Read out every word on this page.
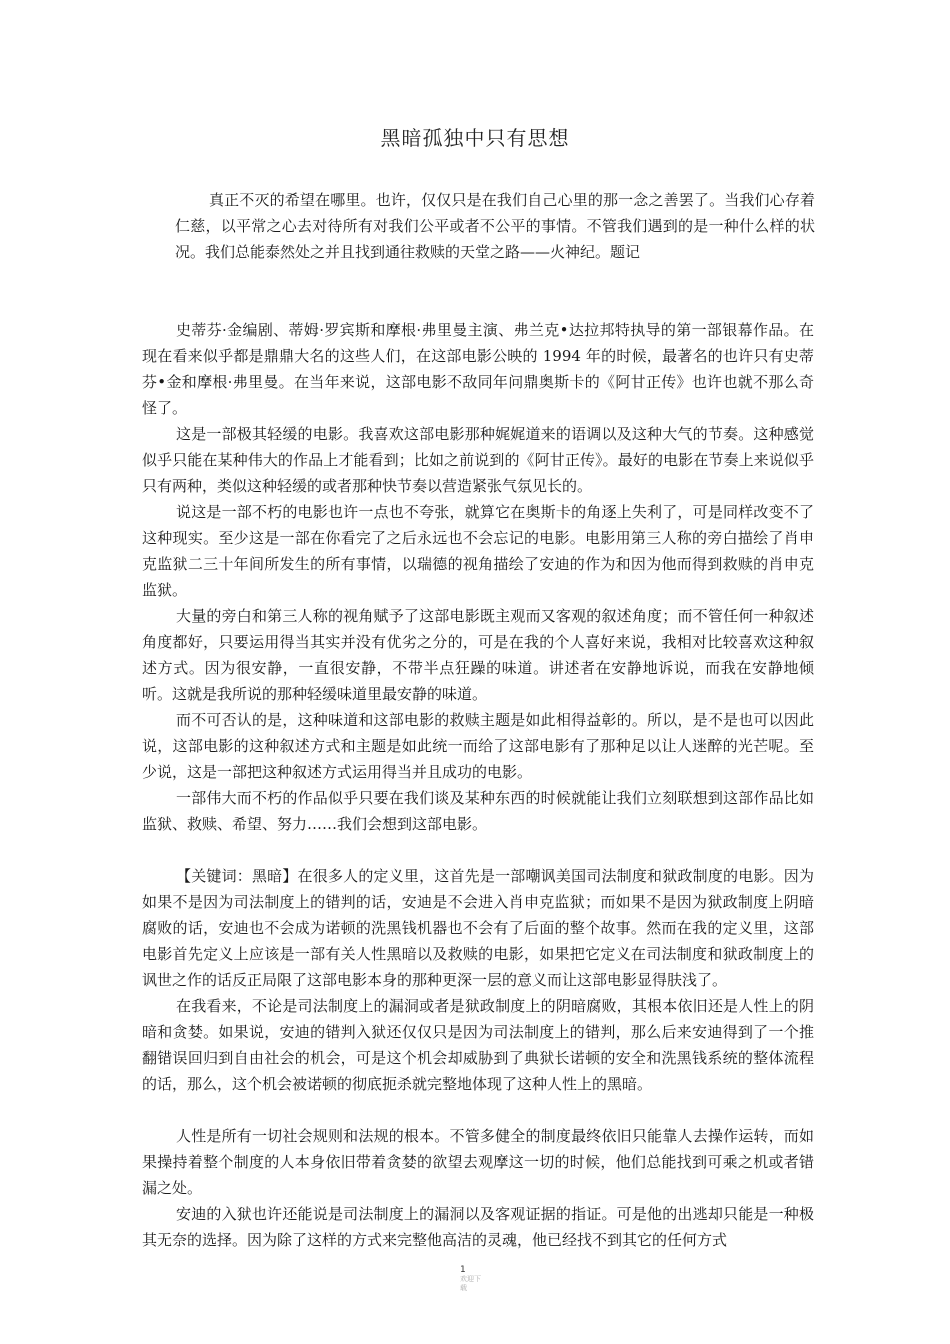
黑暗孤独中只有思想

真正不灭的希望在哪里。也许，仅仅只是在我们自己心里的那一念之善罢了。当我们心存着仁慈，以平常之心去对待所有对我们公平或者不公平的事情。不管我们遇到的是一种什么样的状况。我们总能泰然处之并且找到通往救赎的天堂之路——火神纪。题记

史蒂芬·金编剧、蒂姆·罗宾斯和摩根·弗里曼主演、弗兰克•达拉邦特执导的第一部银幕作品。在现在看来似乎都是鼎鼎大名的这些人们，在这部电影公映的 1994 年的时候，最著名的也许只有史蒂芬•金和摩根·弗里曼。在当年来说，这部电影不敌同年问鼎奥斯卡的《阿甘正传》也许也就不那么奇怪了。

这是一部极其轻缓的电影。我喜欢这部电影那种娓娓道来的语调以及这种大气的节奏。这种感觉似乎只能在某种伟大的作品上才能看到；比如之前说到的《阿甘正传》。最好的电影在节奏上来说似乎只有两种，类似这种轻缓的或者那种快节奏以营造紧张气氛见长的。

说这是一部不朽的电影也许一点也不夸张，就算它在奥斯卡的角逐上失利了，可是同样改变不了这种现实。至少这是一部在你看完了之后永远也不会忘记的电影。电影用第三人称的旁白描绘了肖申克监狱二三十年间所发生的所有事情，以瑞德的视角描绘了安迪的作为和因为他而得到救赎的肖申克监狱。

大量的旁白和第三人称的视角赋予了这部电影既主观而又客观的叙述角度；而不管任何一种叙述角度都好，只要运用得当其实并没有优劣之分的，可是在我的个人喜好来说，我相对比较喜欢这种叙述方式。因为很安静，一直很安静，不带半点狂躁的味道。讲述者在安静地诉说，而我在安静地倾听。这就是我所说的那种轻缓味道里最安静的味道。

而不可否认的是，这种味道和这部电影的救赎主题是如此相得益彰的。所以，是不是也可以因此说，这部电影的这种叙述方式和主题是如此统一而给了这部电影有了那种足以让人迷醉的光芒呢。至少说，这是一部把这种叙述方式运用得当并且成功的电影。

一部伟大而不朽的作品似乎只要在我们谈及某种东西的时候就能让我们立刻联想到这部作品比如监狱、救赎、希望、努力……我们会想到这部电影。

【关键词：黑暗】在很多人的定义里，这首先是一部嘲讽美国司法制度和狱政制度的电影。因为如果不是因为司法制度上的错判的话，安迪是不会进入肖申克监狱；而如果不是因为狱政制度上阴暗腐败的话，安迪也不会成为诺顿的洗黑钱机器也不会有了后面的整个故事。然而在我的定义里，这部电影首先定义上应该是一部有关人性黑暗以及救赎的电影，如果把它定义在司法制度和狱政制度上的讽世之作的话反正局限了这部电影本身的那种更深一层的意义而让这部电影显得肤浅了。

在我看来，不论是司法制度上的漏洞或者是狱政制度上的阴暗腐败，其根本依旧还是人性上的阴暗和贪婪。如果说，安迪的错判入狱还仅仅只是因为司法制度上的错判，那么后来安迪得到了一个推翻错误回归到自由社会的机会，可是这个机会却威胁到了典狱长诺顿的安全和洗黑钱系统的整体流程的话，那么，这个机会被诺顿的彻底扼杀就完整地体现了这种人性上的黑暗。

人性是所有一切社会规则和法规的根本。不管多健全的制度最终依旧只能靠人去操作运转，而如果操持着整个制度的人本身依旧带着贪婪的欲望去观摩这一切的时候，他们总能找到可乘之机或者错漏之处。

安迪的入狱也许还能说是司法制度上的漏洞以及客观证据的指证。可是他的出逃却只能是一种极其无奈的选择。因为除了这样的方式来完整他高洁的灵魂，他已经找不到其它的任何方式

1
欢迎下
载
